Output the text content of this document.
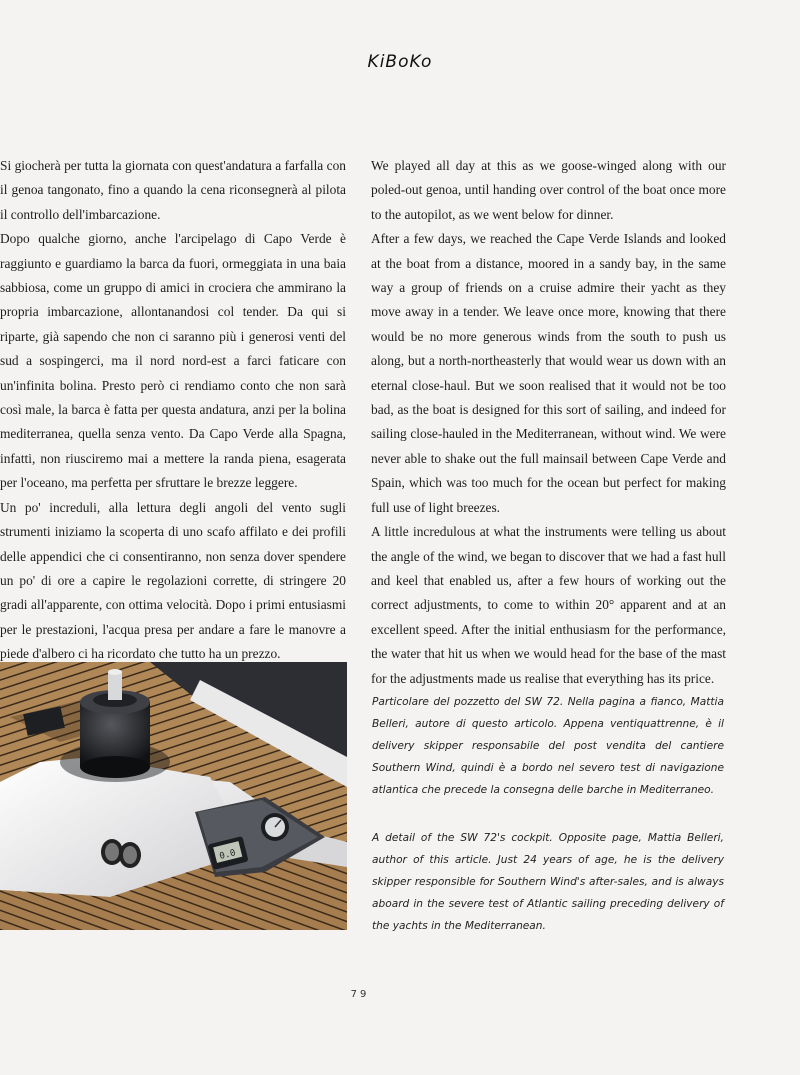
KiBoKo

Si giocherà per tutta la giornata con quest'andatura a farfalla con il genoa tangonato, fino a quando la cena riconsegnerà al pilota il controllo dell'imbarcazione.

Dopo qualche giorno, anche l'arcipelago di Capo Verde è raggiunto e guardiamo la barca da fuori, ormeggiata in una baia sabbiosa, come un gruppo di amici in crociera che ammirano la propria imbarcazione, allontanandosi col tender. Da qui si riparte, già sapendo che non ci saranno più i generosi venti del sud a sospingerci, ma il nord nord-est a farci faticare con un'infinita bolina. Presto però ci rendiamo conto che non sarà così male, la barca è fatta per questa andatura, anzi per la bolina mediterranea, quella senza vento. Da Capo Verde alla Spagna, infatti, non riusciremo mai a mettere la randa piena, esagerata per l'oceano, ma perfetta per sfruttare le brezze leggere.

Un po' increduli, alla lettura degli angoli del vento sugli strumenti iniziamo la scoperta di uno scafo affilato e dei profili delle appendici che ci consentiranno, non senza dover spendere un po' di ore a capire le regolazioni corrette, di stringere 20 gradi all'apparente, con ottima velocità. Dopo i primi entusiasmi per le prestazioni, l'acqua presa per andare a fare le manovre a piede d'albero ci ha ricordato che tutto ha un prezzo.

We played all day at this as we goose-winged along with our poled-out genoa, until handing over control of the boat once more to the autopilot, as we went below for dinner.

After a few days, we reached the Cape Verde Islands and looked at the boat from a distance, moored in a sandy bay, in the same way a group of friends on a cruise admire their yacht as they move away in a tender. We leave once more, knowing that there would be no more generous winds from the south to push us along, but a north-northeasterly that would wear us down with an eternal close-haul. But we soon realised that it would not be too bad, as the boat is designed for this sort of sailing, and indeed for sailing close-hauled in the Mediterranean, without wind. We were never able to shake out the full mainsail between Cape Verde and Spain, which was too much for the ocean but perfect for making full use of light breezes.

A little incredulous at what the instruments were telling us about the angle of the wind, we began to discover that we had a fast hull and keel that enabled us, after a few hours of working out the correct adjustments, to come to within 20° apparent and at an excellent speed. After the initial enthusiasm for the performance, the water that hit us when we would head for the base of the mast for the adjustments made us realise that everything has its price.

0.0

Particolare del pozzetto del SW 72. Nella pagina a fianco, Mattia Belleri, autore di questo articolo. Appena ventiquattrenne, è il delivery skipper responsabile del post vendita del cantiere Southern Wind, quindi è a bordo nel severo test di navigazione atlantica che precede la consegna delle barche in Mediterraneo.

A detail of the SW 72's cockpit. Opposite page, Mattia Belleri, author of this article. Just 24 years of age, he is the delivery skipper responsible for Southern Wind's after-sales, and is always aboard in the severe test of Atlantic sailing preceding delivery of the yachts in the Mediterranean.

79
